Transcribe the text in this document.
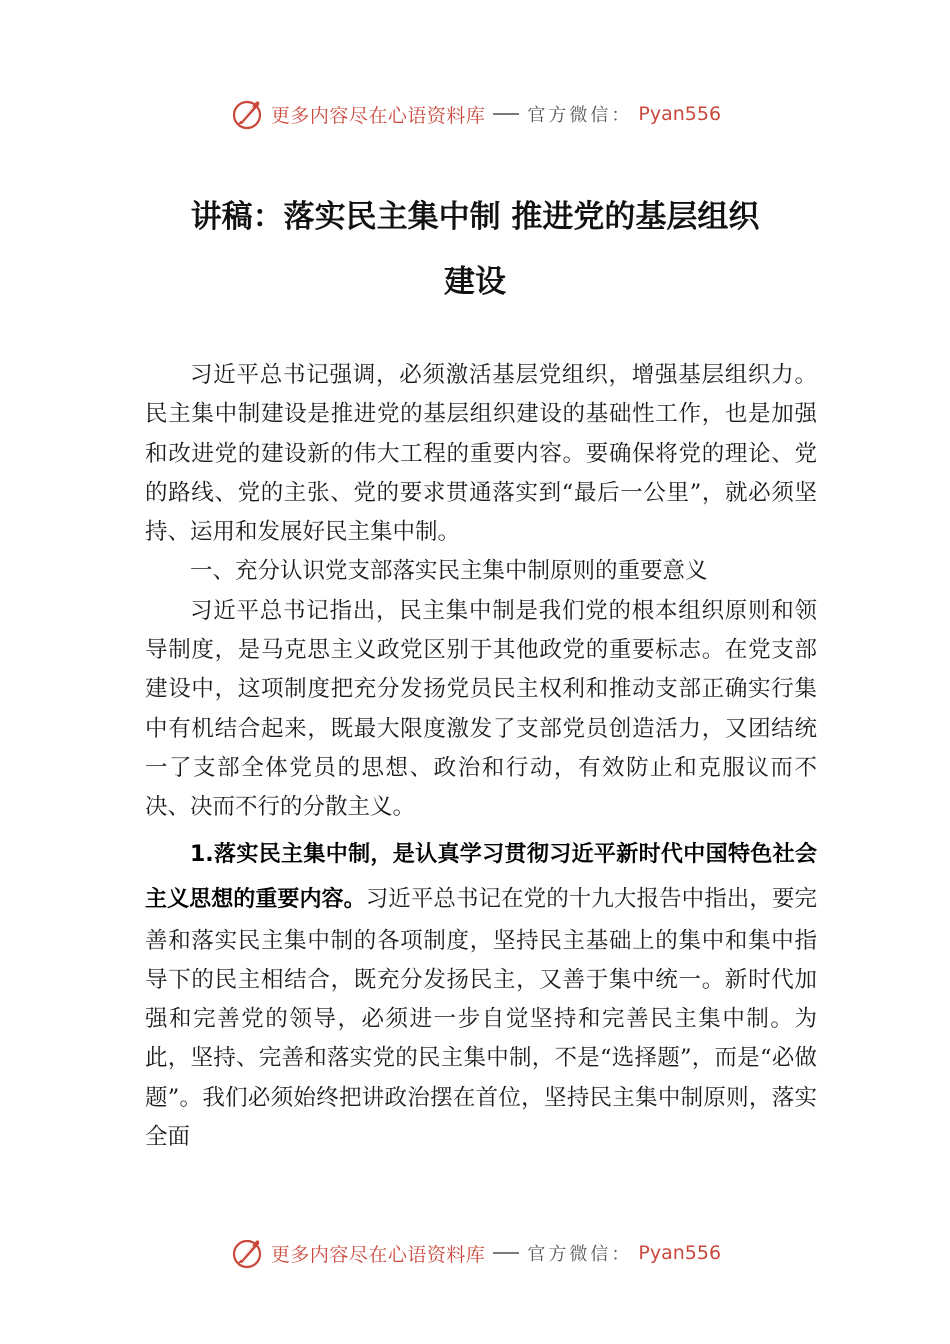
更多内容尽在心语资料库 官方微信： Pyan556
讲稿：落实民主集中制 推进党的基层组织
建设

习近平总书记强调，必须激活基层党组织，增强基层组织力。民主集中制建设是推进党的基层组织建设的基础性工作，也是加强和改进党的建设新的伟大工程的重要内容。要确保将党的理论、党的路线、党的主张、党的要求贯通落实到“最后一公里”，就必须坚持、运用和发展好民主集中制。

一、充分认识党支部落实民主集中制原则的重要意义

习近平总书记指出，民主集中制是我们党的根本组织原则和领导制度，是马克思主义政党区别于其他政党的重要标志。在党支部建设中，这项制度把充分发扬党员民主权利和推动支部正确实行集中有机结合起来，既最大限度激发了支部党员创造活力，又团结统一了支部全体党员的思想、政治和行动，有效防止和克服议而不决、决而不行的分散主义。

1.落实民主集中制，是认真学习贯彻习近平新时代中国特色社会主义思想的重要内容。习近平总书记在党的十九大报告中指出，要完善和落实民主集中制的各项制度，坚持民主基础上的集中和集中指导下的民主相结合，既充分发扬民主，又善于集中统一。新时代加强和完善党的领导，必须进一步自觉坚持和完善民主集中制。为此，坚持、完善和落实党的民主集中制，不是“选择题”，而是“必做题”。我们必须始终把讲政治摆在首位，坚持民主集中制原则，落实全面

更多内容尽在心语资料库 官方微信： Pyan556
